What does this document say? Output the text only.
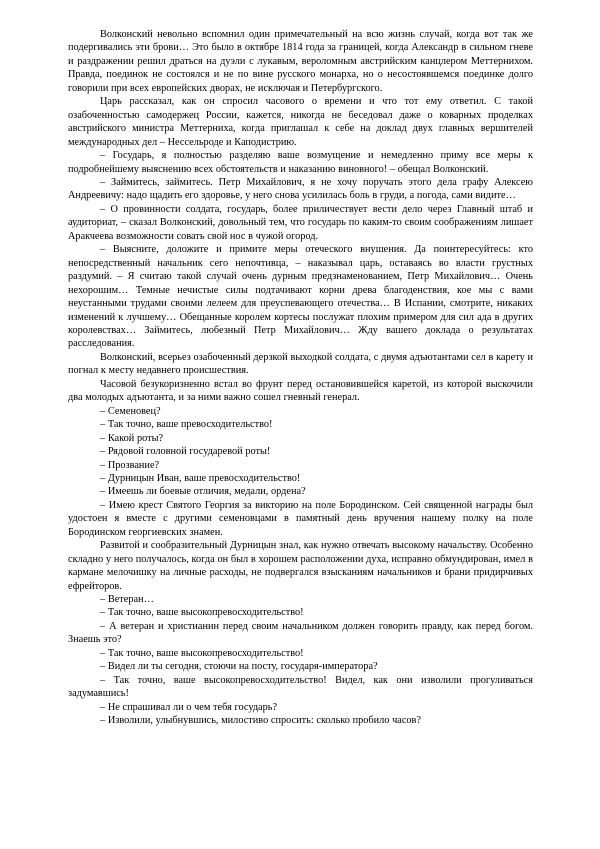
Волконский невольно вспомнил один примечательный на всю жизнь случай, когда вот так же подергивались эти брови… Это было в октябре 1814 года за границей, когда Александр в сильном гневе и раздражении решил драться на дуэли с лукавым, вероломным австрийским канцлером Меттернихом. Правда, поединок не состоялся и не по вине русского монарха, но о несостоявшемся поединке долго говорили при всех европейских дворах, не исключая и Петербургского.

Царь рассказал, как он спросил часового о времени и что тот ему ответил. С такой озабоченностью самодержец России, кажется, никогда не беседовал даже о коварных проделках австрийского министра Меттерниха, когда приглашал к себе на доклад двух главных вершителей международных дел – Нессельроде и Каподистрию.

– Государь, я полностью разделяю ваше возмущение и немедленно приму все меры к подробнейшему выяснению всех обстоятельств и наказанию виновного! – обещал Волконский.

– Займитесь, займитесь. Петр Михайлович, я не хочу поручать этого дела графу Алексею Андреевичу: надо щадить его здоровье, у него снова усилилась боль в груди, а погода, сами видите…

– О провинности солдата, государь, более приличествует вести дело через Главный штаб и аудиториат, – сказал Волконский, довольный тем, что государь по каким-то своим соображениям лишает Аракчеева возможности совать свой нос в чужой огород.

– Выясните, доложите и примите меры отеческого внушения. Да поинтересуйтесь: кто непосредственный начальник сего непочтивца, – наказывал царь, оставаясь во власти грустных раздумий. – Я считаю такой случай очень дурным предзнаменованием, Петр Михайлович… Очень нехорошим… Темные нечистые силы подтачивают корни древа благоденствия, кое мы с вами неустанными трудами своими лелеем для преуспевающего отечества… В Испании, смотрите, никаких изменений к лучшему… Обещанные королем кортесы послужат плохим примером для сил ада в других королевствах… Займитесь, любезный Петр Михайлович… Жду вашего доклада о результатах расследования.

Волконский, всерьез озабоченный дерзкой выходкой солдата, с двумя адъютантами сел в карету и погнал к месту недавнего происшествия.

Часовой безукоризненно встал во фрунт перед остановившейся каретой, из которой выскочили два молодых адъютанта, и за ними важно сошел гневный генерал.

– Семеновец?

– Так точно, ваше превосходительство!

– Какой роты?

– Рядовой головной государевой роты!

– Прозвание?

– Дурницын Иван, ваше превосходительство!

– Имеешь ли боевые отличия, медали, ордена?

– Имею крест Святого Георгия за викторию на поле Бородинском. Сей священной награды был удостоен я вместе с другими семеновцами в памятный день вручения нашему полку на поле Бородинском георгиевских знамен.

Развитой и сообразительный Дурницын знал, как нужно отвечать высокому начальству. Особенно складно у него получалось, когда он был в хорошем расположении духа, исправно обмундирован, имел в кармане мелочишку на личные расходы, не подвергался взысканиям начальников и брани придирчивых ефрейторов.

– Ветеран…

– Так точно, ваше высокопревосходительство!

– А ветеран и христианин перед своим начальником должен говорить правду, как перед богом. Знаешь это?

– Так точно, ваше высокопревосходительство!

– Видел ли ты сегодня, стоючи на посту, государя-императора?

– Так точно, ваше высокопревосходительство! Видел, как они изволили прогуливаться задумавшись!

– Не спрашивал ли о чем тебя государь?

– Изволили, улыбнувшись, милостиво спросить: сколько пробило часов?
